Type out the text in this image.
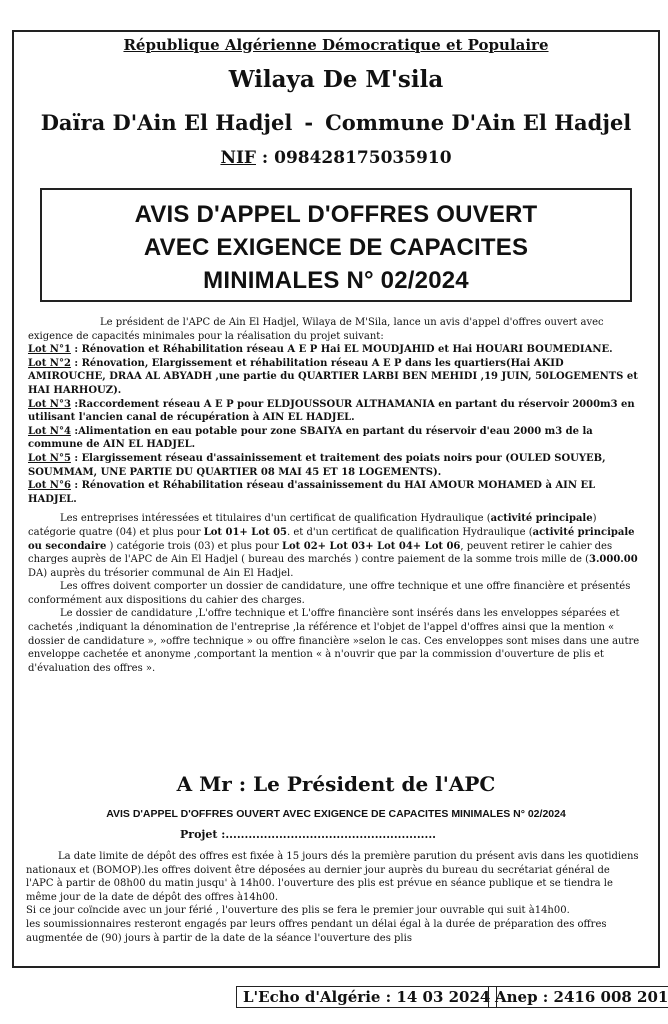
République Algérienne Démocratique et Populaire
Wilaya De M'sila
Daïra D'Ain El Hadjel - Commune D'Ain El Hadjel
NIF : 098428175035910
AVIS D'APPEL D'OFFRES OUVERT
AVEC EXIGENCE DE CAPACITES
MINIMALES N° 02/2024

Le président de l'APC de Ain El Hadjel, Wilaya de M'Sila, lance un avis d'appel d'offres ouvert avec exigence de capacités minimales pour la réalisation du projet suivant:

Lot N°1 : Rénovation et Réhabilitation réseau A E P Hai EL MOUDJAHID et Hai HOUARI BOUMEDIANE.

Lot N°2 : Rénovation, Elargissement et réhabilitation réseau A E P dans les quartiers(Hai AKID AMIROUCHE, DRAA AL ABYADH ,une partie du QUARTIER LARBI BEN MEHIDI ,19 JUIN, 50LOGEMENTS et HAI HARHOUZ).

Lot N°3 :Raccordement réseau A E P pour ELDJOUSSOUR ALTHAMANIA en partant du réservoir 2000m3 en utilisant l'ancien canal de récupération à AIN EL HADJEL.

Lot N°4 :Alimentation en eau potable pour zone SBAIYA en partant du réservoir d'eau 2000 m3 de la commune de AIN EL HADJEL.

Lot N°5 : Elargissement réseau d'assainissement et traitement des poiats noirs pour (OULED SOUYEB, SOUMMAM, UNE PARTIE DU QUARTIER 08 MAI 45 ET 18 LOGEMENTS).

Lot N°6 : Rénovation et Réhabilitation réseau d'assainissement du HAI AMOUR MOHAMED à AIN EL HADJEL.

Les entreprises intéressées et titulaires d'un certificat de qualification Hydraulique (activité principale) catégorie quatre (04) et plus pour Lot 01+ Lot 05. et d'un certificat de qualification Hydraulique (activité principale ou secondaire ) catégorie trois (03) et plus pour Lot 02+ Lot 03+ Lot 04+ Lot 06, peuvent retirer le cahier des charges auprès de l'APC de Ain El Hadjel ( bureau des marchés ) contre paiement de la somme trois mille de (3.000.00 DA) auprès du trésorier communal de Ain El Hadjel.

Les offres doivent comporter un dossier de candidature, une offre technique et une offre financière et présentés conformément aux dispositions du cahier des charges.

Le dossier de candidature ,L'offre technique et L'offre financière sont insérés dans les enveloppes séparées et cachetés ,indiquant la dénomination de l'entreprise ,la référence et l'objet de l'appel d'offres ainsi que la mention « dossier de candidature », »offre technique » ou offre financière »selon le cas. Ces enveloppes sont mises dans une autre enveloppe cachetée et anonyme ,comportant la mention « à n'ouvrir que par la commission d'ouverture de plis et d'évaluation des offres ».

A Mr : Le Président de l'APC
AVIS D'APPEL D'OFFRES OUVERT AVEC EXIGENCE DE CAPACITES MINIMALES N° 02/2024
Projet :.......................................................

La date limite de dépôt des offres est fixée à 15 jours dés la première parution du présent avis dans les quotidiens nationaux et (BOMOP).les offres doivent être déposées au dernier jour auprès du bureau du secrétariat général de l'APC à partir de 08h00 du matin jusqu' à 14h00. l'ouverture des plis est prévue en séance publique et se tiendra le même jour de la date de dépôt des offres à14h00.

Si ce jour coïncide avec un jour férié , l'ouverture des plis se fera le premier jour ouvrable qui suit à14h00.

les soumissionnaires resteront engagés par leurs offres pendant un délai égal à la durée de préparation des offres augmentée de (90) jours à partir de la date de la séance l'ouverture des plis

L'Echo d'Algérie : 14 03 2024 Anep : 2416 008 201
